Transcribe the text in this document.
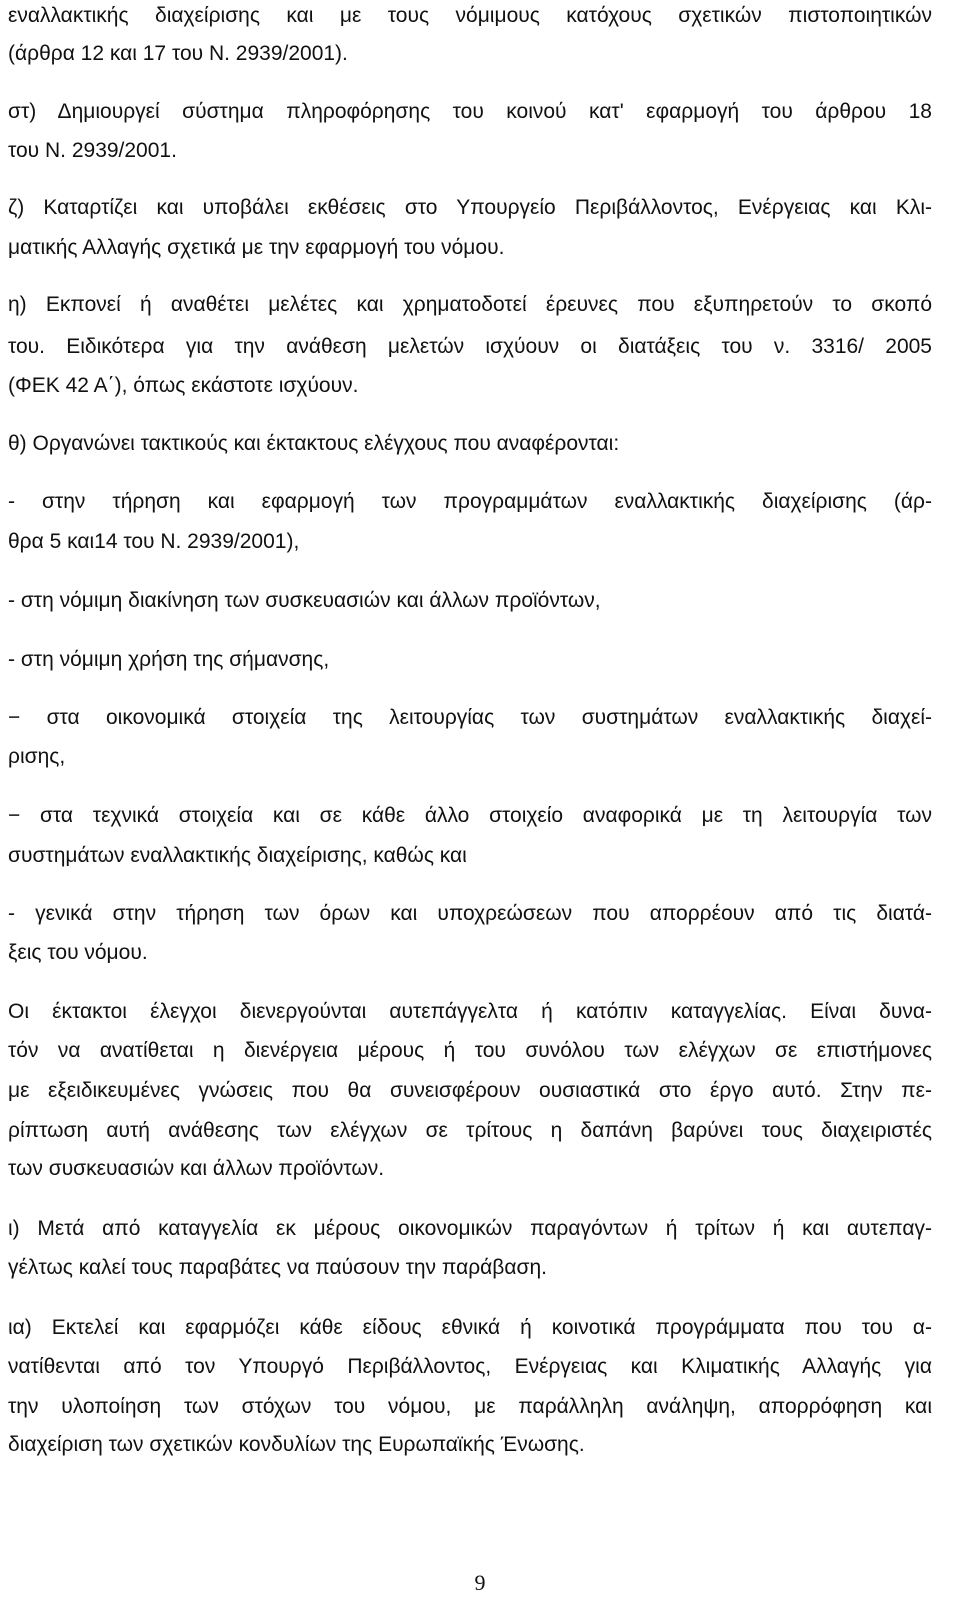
εναλλακτικής διαχείρισης και με τους νόμιμους κατόχους σχετικών πιστοποιητικών
(άρθρα 12 και 17 του Ν. 2939/2001).
στ) Δημιουργεί σύστημα πληροφόρησης του κοινού κατ' εφαρμογή του άρθρου 18
του Ν. 2939/2001.
ζ) Καταρτίζει και υποβάλει εκθέσεις στο Υπουργείο Περιβάλλοντος, Ενέργειας και Κλι-
ματικής Αλλαγής σχετικά με την εφαρμογή του νόμου.
η) Εκπονεί ή αναθέτει μελέτες και χρηματοδοτεί έρευνες που εξυπηρετούν το σκοπό
του. Ειδικότερα για την ανάθεση μελετών ισχύουν οι διατάξεις του ν. 3316/ 2005
(ΦΕΚ 42 Α΄), όπως εκάστοτε ισχύουν.
θ) Οργανώνει τακτικούς και έκτακτους ελέγχους που αναφέρονται:
- στην τήρηση και εφαρμογή των προγραμμάτων εναλλακτικής διαχείρισης (άρ-
θρα 5 και14 του Ν. 2939/2001),
- στη νόμιμη διακίνηση των συσκευασιών και άλλων προϊόντων,
- στη νόμιμη χρήση της σήμανσης,
− στα οικονομικά στοιχεία της λειτουργίας των συστημάτων εναλλακτικής διαχεί-
ρισης,
− στα τεχνικά στοιχεία και σε κάθε άλλο στοιχείο αναφορικά με τη λειτουργία των
συστημάτων εναλλακτικής διαχείρισης, καθώς και
- γενικά στην τήρηση των όρων και υποχρεώσεων που απορρέουν από τις διατά-
ξεις του νόμου.
Οι έκτακτοι έλεγχοι διενεργούνται αυτεπάγγελτα ή κατόπιν καταγγελίας. Είναι δυνα-
τόν να ανατίθεται η διενέργεια μέρους ή του συνόλου των ελέγχων σε επιστήμονες
με εξειδικευμένες γνώσεις που θα συνεισφέρουν ουσιαστικά στο έργο αυτό. Στην πε-
ρίπτωση αυτή ανάθεσης των ελέγχων σε τρίτους η δαπάνη βαρύνει τους διαχειριστές
των συσκευασιών και άλλων προϊόντων.
ι) Μετά από καταγγελία εκ μέρους οικονομικών παραγόντων ή τρίτων ή και αυτεπαγ-
γέλτως καλεί τους παραβάτες να παύσουν την παράβαση.
ια) Εκτελεί και εφαρμόζει κάθε είδους εθνικά ή κοινοτικά προγράμματα που του α-
νατίθενται από τον Υπουργό Περιβάλλοντος, Ενέργειας και Κλιματικής Αλλαγής για
την υλοποίηση των στόχων του νόμου, με παράλληλη ανάληψη, απορρόφηση και
διαχείριση των σχετικών κονδυλίων της Ευρωπαϊκής Ένωσης.
9
